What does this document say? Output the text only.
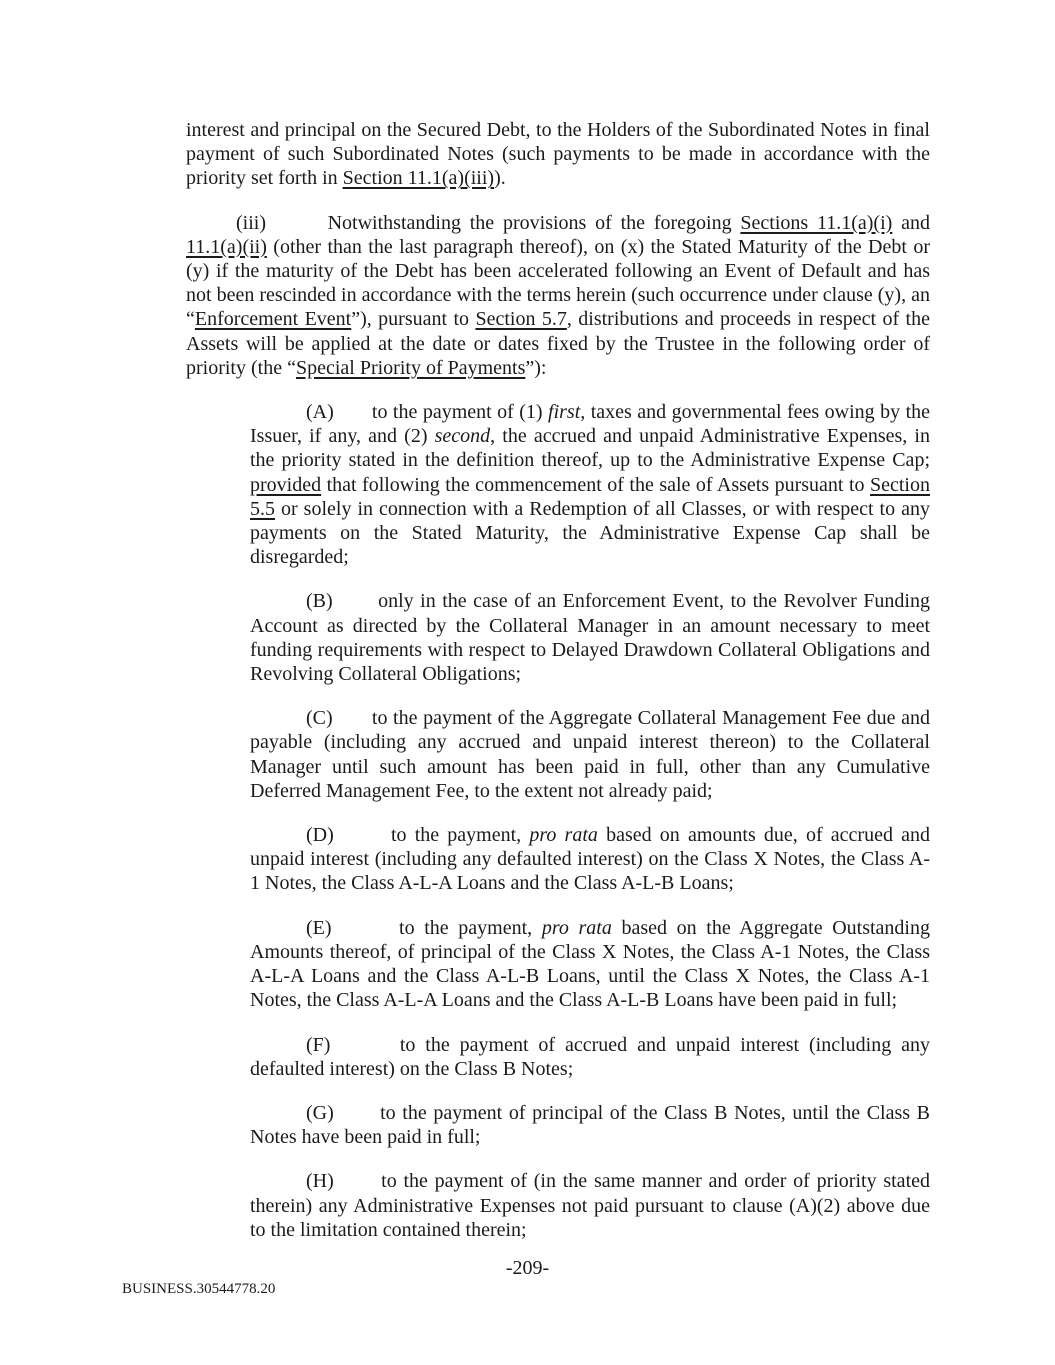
interest and principal on the Secured Debt, to the Holders of the Subordinated Notes in final payment of such Subordinated Notes (such payments to be made in accordance with the priority set forth in Section 11.1(a)(iii)).

(iii)       Notwithstanding the provisions of the foregoing Sections 11.1(a)(i) and 11.1(a)(ii) (other than the last paragraph thereof), on (x) the Stated Maturity of the Debt or (y) if the maturity of the Debt has been accelerated following an Event of Default and has not been rescinded in accordance with the terms herein (such occurrence under clause (y), an “Enforcement Event”), pursuant to Section 5.7, distributions and proceeds in respect of the Assets will be applied at the date or dates fixed by the Trustee in the following order of priority (the “Special Priority of Payments”):

(A)       to the payment of (1) first, taxes and governmental fees owing by the Issuer, if any, and (2) second, the accrued and unpaid Administrative Expenses, in the priority stated in the definition thereof, up to the Administrative Expense Cap; provided that following the commencement of the sale of Assets pursuant to Section 5.5 or solely in connection with a Redemption of all Classes, or with respect to any payments on the Stated Maturity, the Administrative Expense Cap shall be disregarded;

(B)       only in the case of an Enforcement Event, to the Revolver Funding Account as directed by the Collateral Manager in an amount necessary to meet funding requirements with respect to Delayed Drawdown Collateral Obligations and Revolving Collateral Obligations;

(C)       to the payment of the Aggregate Collateral Management Fee due and payable (including any accrued and unpaid interest thereon) to the Collateral Manager until such amount has been paid in full, other than any Cumulative Deferred Management Fee, to the extent not already paid;

(D)       to the payment, pro rata based on amounts due, of accrued and unpaid interest (including any defaulted interest) on the Class X Notes, the Class A-1 Notes, the Class A-L-A Loans and the Class A-L-B Loans;

(E)       to the payment, pro rata based on the Aggregate Outstanding Amounts thereof, of principal of the Class X Notes, the Class A-1 Notes, the Class A-L-A Loans and the Class A-L-B Loans, until the Class X Notes, the Class A-1 Notes, the Class A-L-A Loans and the Class A-L-B Loans have been paid in full;

(F)       to the payment of accrued and unpaid interest (including any defaulted interest) on the Class B Notes;

(G)       to the payment of principal of the Class B Notes, until the Class B Notes have been paid in full;

(H)       to the payment of (in the same manner and order of priority stated therein) any Administrative Expenses not paid pursuant to clause (A)(2) above due to the limitation contained therein;

-209-
BUSINESS.30544778.20
